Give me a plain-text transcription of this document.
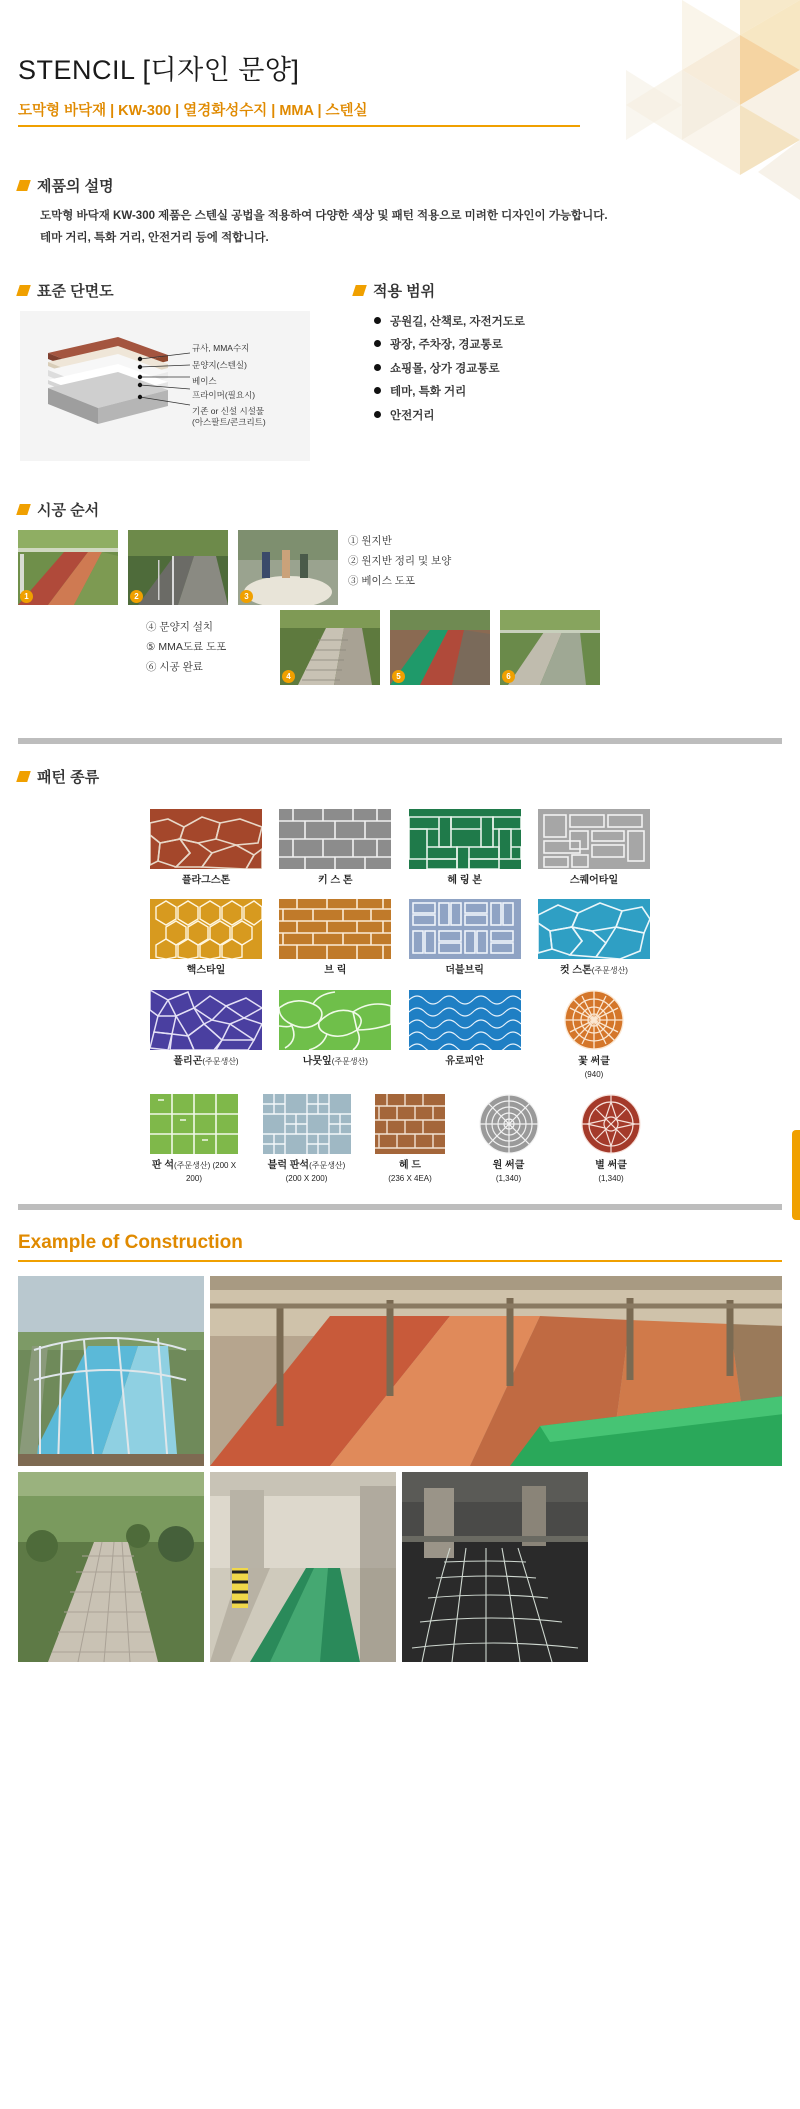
STENCIL [디자인 문양]
도막형 바닥재 | KW-300 | 열경화성수지 | MMA | 스텐실
제품의 설명
도막형 바닥재 KW-300 제품은 스텐실 공법을 적용하여 다양한 색상 및 패턴 적용으로 미려한 디자인이 가능합니다.
테마 거리, 특화 거리, 안전거리 등에 적합니다.
표준 단면도
규사, MMA수지
문양지(스텐실)
베이스
프라이머(필요시)
기존 or 신설 시설물
(아스팔트/콘크리트)
적용 범위
공원길, 산책로, 자전거도로
광장, 주차장, 경교통로
쇼핑몰, 상가 경교통로
테마, 특화 거리
안전거리
시공 순서
1	2	3
① 원지반
② 원지반 정리 및 보양
③ 베이스 도포
④ 문양지 설치
⑤ MMA도료 도포
⑥ 시공 완료
4	5	6
패턴 종류
플라그스톤	키 스 톤	헤 링 본	스퀘어타일
핵스타일	브 릭	더블브릭	컷 스톤(주문생산)
폴리곤(주문생산)	나뭇잎(주문생산)	유로피안	꽃 써클
(940)
판 석(주문생산) (200 X 200)
블럭 판석(주문생산) (200 X 200)
헤 드
(236 X 4EA)
원 써클
(1,340)
별 써클
(1,340)
Example of Construction
